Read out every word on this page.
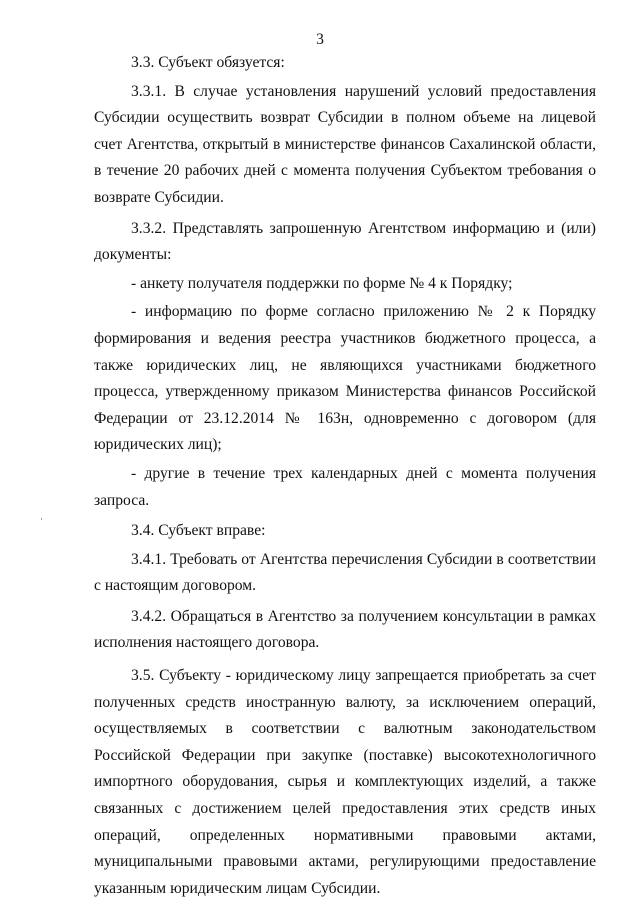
3

3.3. Субъект обязуется:

3.3.1. В случае установления нарушений условий предоставления Субсидии осуществить возврат Субсидии в полном объеме на лицевой счет Агентства, открытый в министерстве финансов Сахалинской области, в течение 20 рабочих дней с момента получения Субъектом требования о возврате Субсидии.

3.3.2. Представлять запрошенную Агентством информацию и (или) документы:

- анкету получателя поддержки по форме № 4 к Порядку;

- информацию по форме согласно приложению № 2 к Порядку формирования и ведения реестра участников бюджетного процесса, а также юридических лиц, не являющихся участниками бюджетного процесса, утвержденному приказом Министерства финансов Российской Федерации от 23.12.2014 № 163н, одновременно с договором (для юридических лиц);

- другие в течение трех календарных дней с момента получения запроса.

3.4. Субъект вправе:

3.4.1. Требовать от Агентства перечисления Субсидии в соответствии с настоящим договором.

3.4.2. Обращаться в Агентство за получением консультации в рамках исполнения настоящего договора.

3.5. Субъекту - юридическому лицу запрещается приобретать за счет полученных средств иностранную валюту, за исключением операций, осуществляемых в соответствии с валютным законодательством Российской Федерации при закупке (поставке) высокотехнологичного импортного оборудования, сырья и комплектующих изделий, а также связанных с достижением целей предоставления этих средств иных операций, определенных нормативными правовыми актами, муниципальными правовыми актами, регулирующими предоставление указанным юридическим лицам Субсидии.
